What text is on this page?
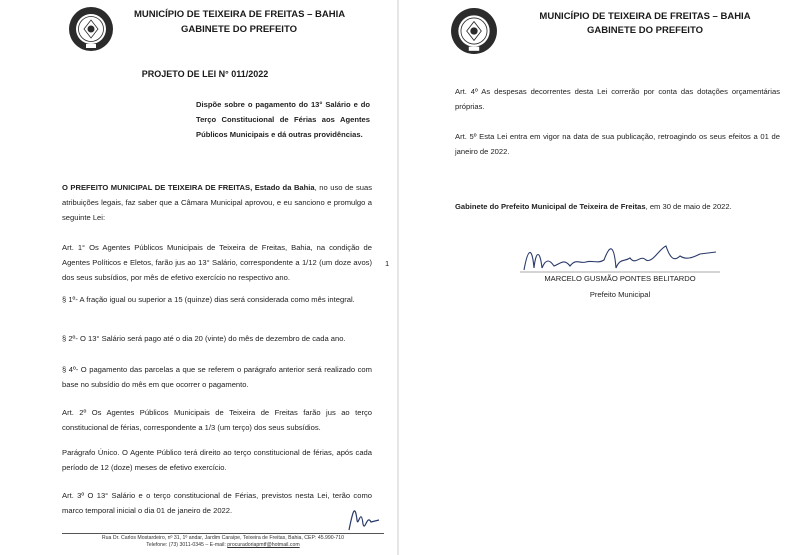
MUNICÍPIO DE TEIXEIRA DE FREITAS – BAHIA
GABINETE DO PREFEITO
PROJETO DE LEI N° 011/2022
Dispõe sobre o pagamento do 13° Salário e do Terço Constitucional de Férias aos Agentes Públicos Municipais e dá outras providências.
O PREFEITO MUNICIPAL DE TEIXEIRA DE FREITAS, Estado da Bahia, no uso de suas atribuições legais, faz saber que a Câmara Municipal aprovou, e eu sanciono e promulgo a seguinte Lei:
Art. 1° Os Agentes Públicos Municipais de Teixeira de Freitas, Bahia, na condição de Agentes Políticos e Eletos, farão jus ao 13° Salário, correspondente a 1/12 (um doze avos) dos seus subsídios, por mês de efetivo exercício no respectivo ano.
§ 1º- A fração igual ou superior a 15 (quinze) dias será considerada como mês integral.
§ 2º- O 13° Salário será pago até o dia 20 (vinte) do mês de dezembro de cada ano.
§ 4º- O pagamento das parcelas a que se referem o parágrafo anterior será realizado com base no subsídio do mês em que ocorrer o pagamento.
Art. 2º Os Agentes Públicos Municipais de Teixeira de Freitas farão jus ao terço constitucional de férias, correspondente a 1/3 (um terço) dos seus subsídios.
Parágrafo Único. O Agente Público terá direito ao terço constitucional de férias, após cada período de 12 (doze) meses de efetivo exercício.
Art. 3º O 13° Salário e o terço constitucional de Férias, previstos nesta Lei, terão como marco temporal inicial o dia 01 de janeiro de 2022.
1
Rua Dr. Carlos Mostardeiro, nº 31, 1º andar, Jardim Caraípe, Teixeira de Freitas, Bahia, CEP: 45.990-710
Telefone: (73) 3011-0345 – E-mail: procuradoriapmtf@hotmail.com
MUNICÍPIO DE TEIXEIRA DE FREITAS – BAHIA
GABINETE DO PREFEITO
Art. 4º As despesas decorrentes desta Lei correrão por conta das dotações orçamentárias próprias.
Art. 5º Esta Lei entra em vigor na data de sua publicação, retroagindo os seus efeitos a 01 de janeiro de 2022.
Gabinete do Prefeito Municipal de Teixeira de Freitas, em 30 de maio de 2022.
MARCELO GUSMÃO PONTES BELITARDO
Prefeito Municipal
